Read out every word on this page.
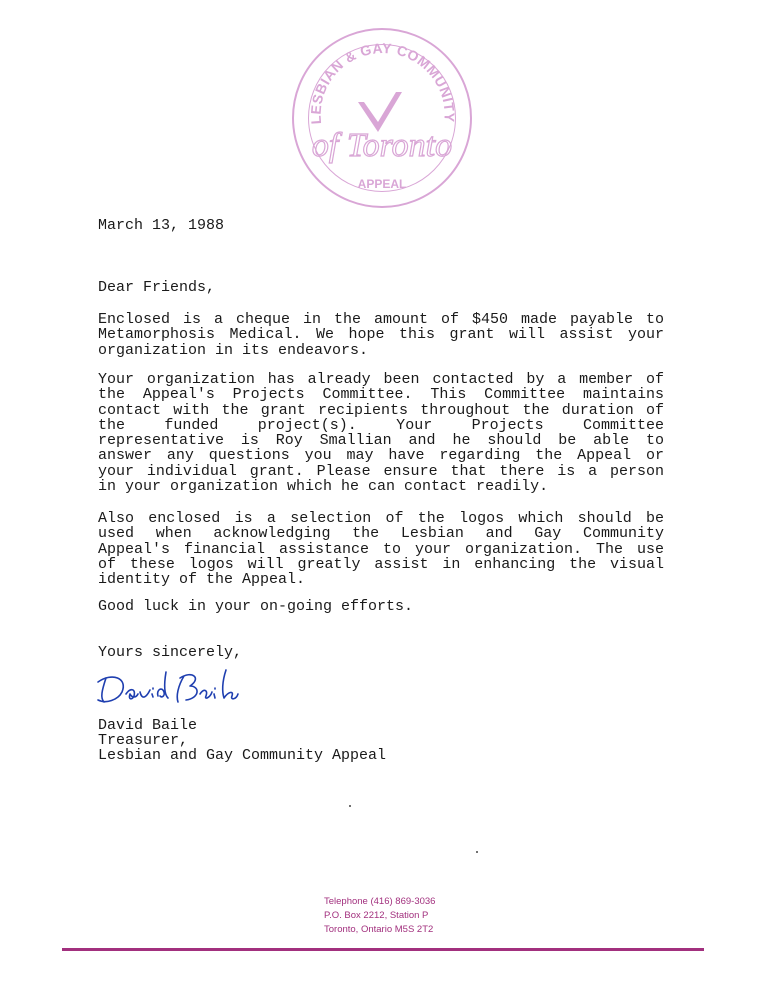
LESBIAN & GAY COMMUNITY
of Toronto
APPEAL
March 13, 1988
Dear Friends,
Enclosed is a cheque in the amount of $450 made payable to
Metamorphosis Medical. We hope this grant will assist your
organization in its endeavors.
Your organization has already been contacted by a member of
the Appeal's Projects Committee. This Committee maintains
contact with the grant recipients throughout the duration of
the funded project(s). Your Projects Committee
representative is Roy Smallian and he should be able to
answer any questions you may have regarding the Appeal or
your individual grant. Please ensure that there is a person
in your organization which he can contact readily.
Also enclosed is a selection of the logos which should be
used when acknowledging the Lesbian and Gay Community
Appeal's financial assistance to your organization. The use
of these logos will greatly assist in enhancing the visual
identity of the Appeal.
Good luck in your on-going efforts.
Yours sincerely,
David Baile
Treasurer,
Lesbian and Gay Community Appeal
Telephone (416) 869-3036
P.O. Box 2212, Station P
Toronto, Ontario M5S 2T2
